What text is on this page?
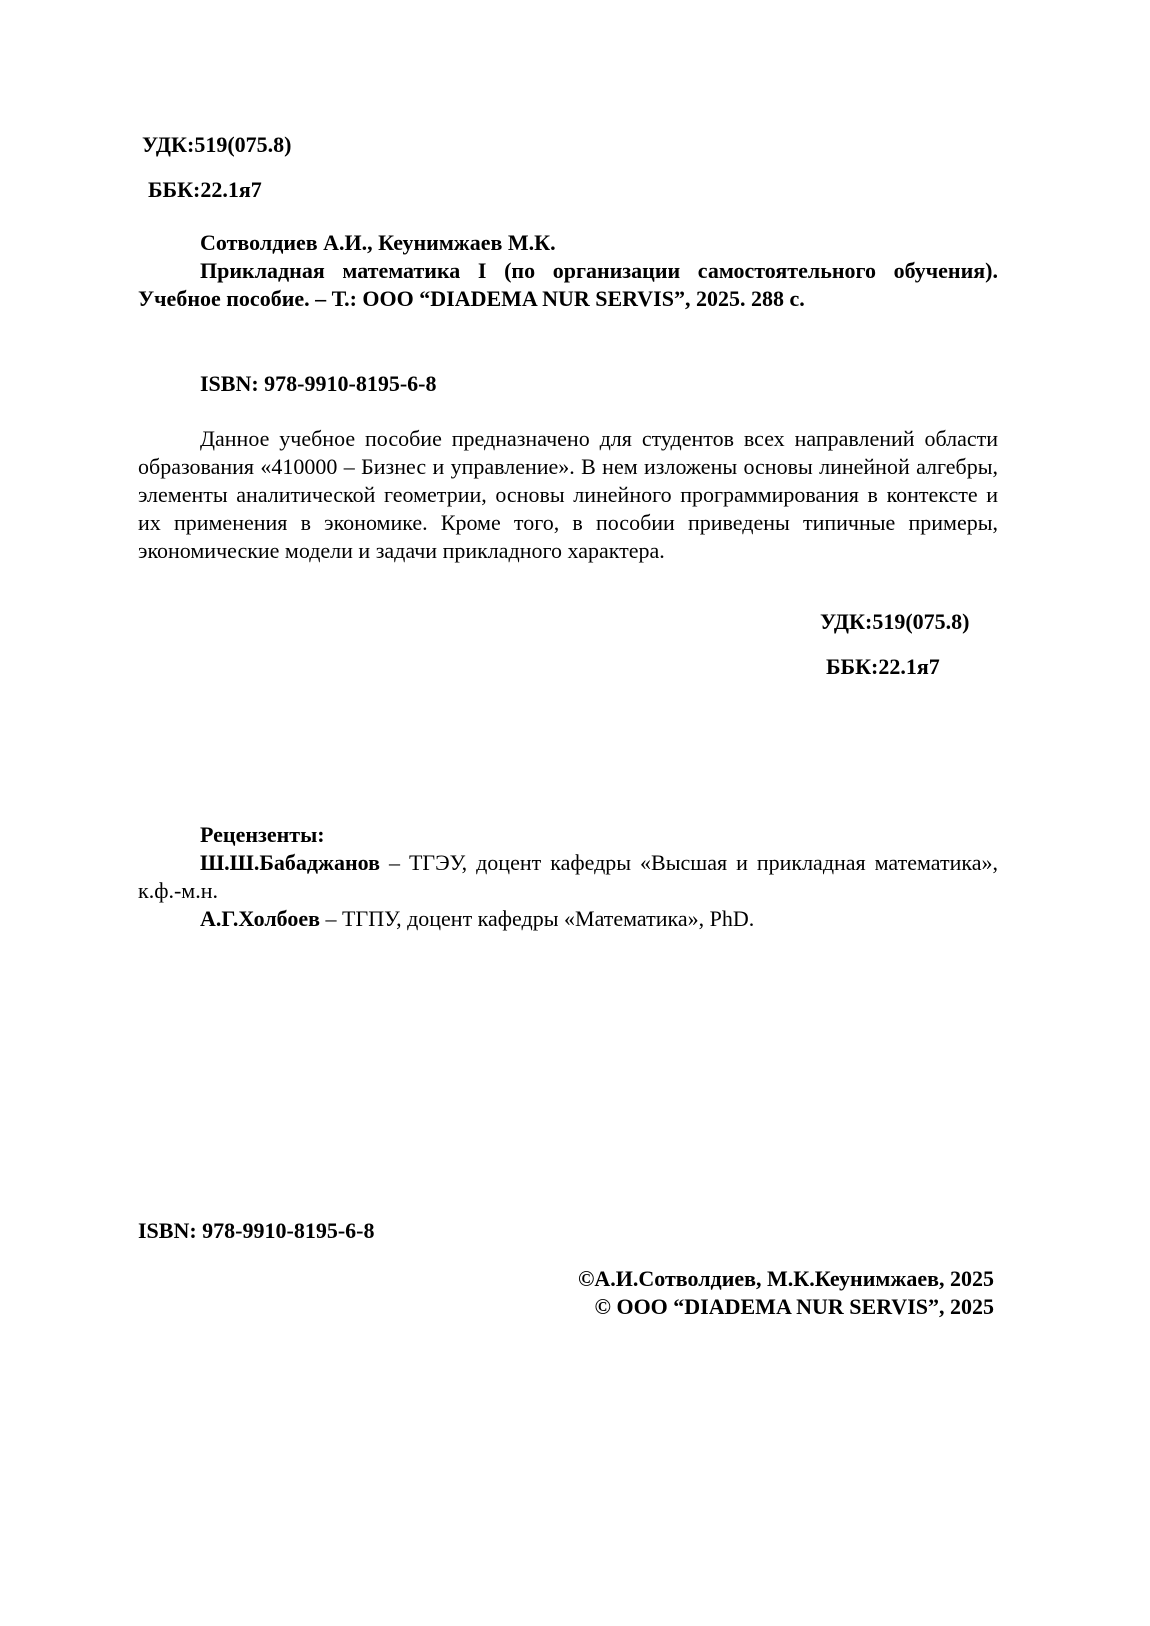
УДК:519(075.8)
ББК:22.1я7

Сотволдиев А.И., Кеунимжаев М.К.

Прикладная математика I (по организации самостоятельного обучения). Учебное пособие. – Т.: ООО “DIADEMA NUR SERVIS”, 2025. 288 с.

ISBN: 978-9910-8195-6-8

Данное учебное пособие предназначено для студентов всех направлений области образования «410000 – Бизнес и управление». В нем изложены основы линейной алгебры, элементы аналитической геометрии, основы линейного программирования в контексте и их применения в экономике. Кроме того, в пособии приведены типичные примеры, экономические модели и задачи прикладного характера.

УДК:519(075.8)
ББК:22.1я7

Рецензенты:

Ш.Ш.Бабаджанов – ТГЭУ, доцент кафедры «Высшая и прикладная математика», к.ф.-м.н.

А.Г.Холбоев – ТГПУ, доцент кафедры «Математика», PhD.

ISBN: 978-9910-8195-6-8
©А.И.Сотволдиев, М.К.Кеунимжаев, 2025
© ООО “DIADEMA NUR SERVIS”, 2025
